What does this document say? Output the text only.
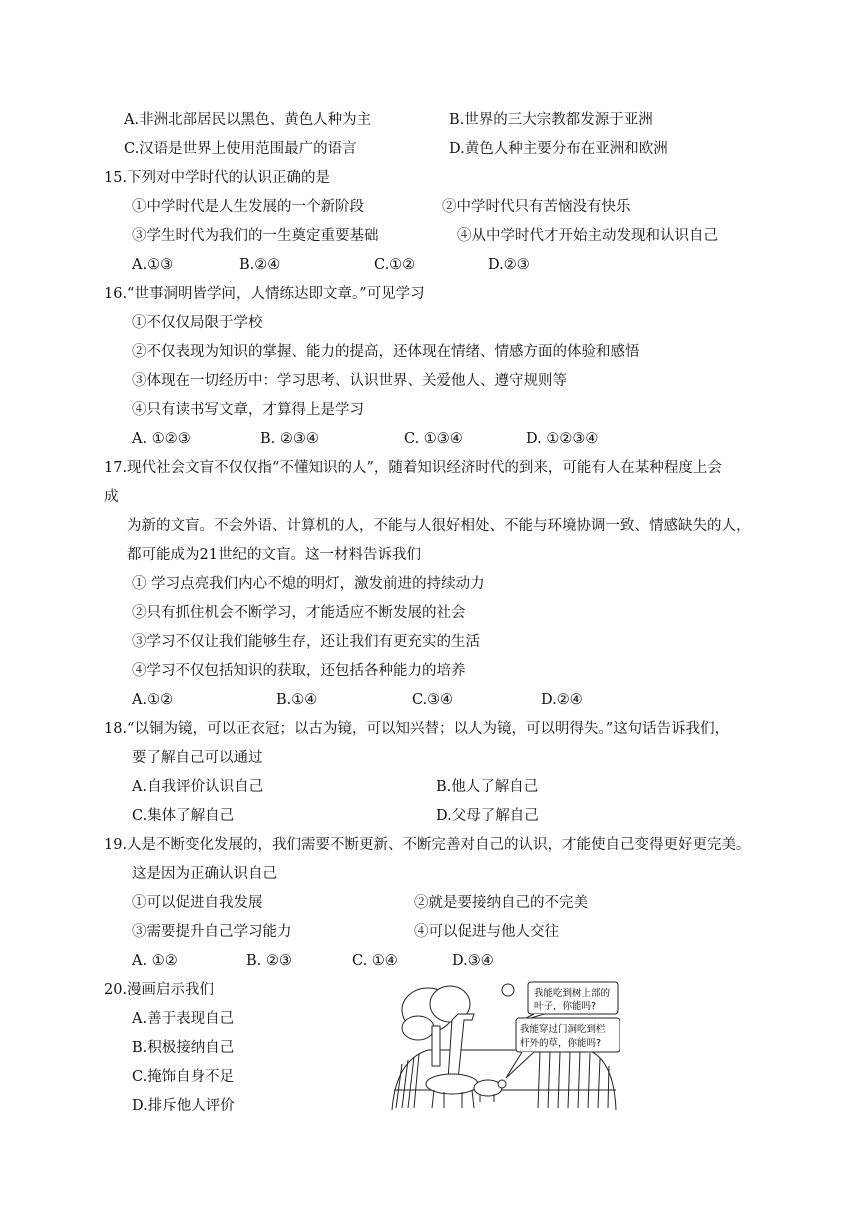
A.非洲北部居民以黑色、黄色人种为主	B.世界的三大宗教都发源于亚洲
C.汉语是世界上使用范围最广的语言	D.黄色人种主要分布在亚洲和欧洲
15.下列对中学时代的认识正确的是
①中学时代是人生发展的一个新阶段	②中学时代只有苦恼没有快乐
③学生时代为我们的一生奠定重要基础	④从中学时代才开始主动发现和认识自己
A.①③	B.②④	C.①②	D.②③
16.“世事洞明皆学问，人情练达即文章。”可见学习
①不仅仅局限于学校
②不仅表现为知识的掌握、能力的提高，还体现在情绪、情感方面的体验和感悟
③体现在一切经历中：学习思考、认识世界、关爱他人、遵守规则等
④只有读书写文章，才算得上是学习
A. ①②③	B. ②③④	C. ①③④	D. ①②③④
17.现代社会文盲不仅仅指“不懂知识的人”，随着知识经济时代的到来，可能有人在某种程度上会
成
为新的文盲。不会外语、计算机的人，不能与人很好相处、不能与环境协调一致、情感缺失的人，
都可能成为21世纪的文盲。这一材料告诉我们
① 学习点亮我们内心不熄的明灯，激发前进的持续动力
②只有抓住机会不断学习，才能适应不断发展的社会
③学习不仅让我们能够生存，还让我们有更充实的生活
④学习不仅包括知识的获取，还包括各种能力的培养
A.①②	B.①④	C.③④	D.②④
18.“以铜为镜，可以正衣冠；以古为镜，可以知兴替；以人为镜，可以明得失。”这句话告诉我们，
要了解自己可以通过
A.自我评价认识自己	B.他人了解自己
C.集体了解自己	D.父母了解自己
19.人是不断变化发展的，我们需要不断更新、不断完善对自己的认识，才能使自己变得更好更完美。
这是因为正确认识自己
①可以促进自我发展	②就是要接纳自己的不完美
③需要提升自己学习能力	④可以促进与他人交往
A. ①②	B. ②③	C. ①④	D.③④
20.漫画启示我们
A.善于表现自己
B.积极接纳自己
C.掩饰自身不足
D.排斥他人评价
我能吃到树上部的
叶子，你能吗?
我能穿过门洞吃到栏
杆外的草，你能吗?
